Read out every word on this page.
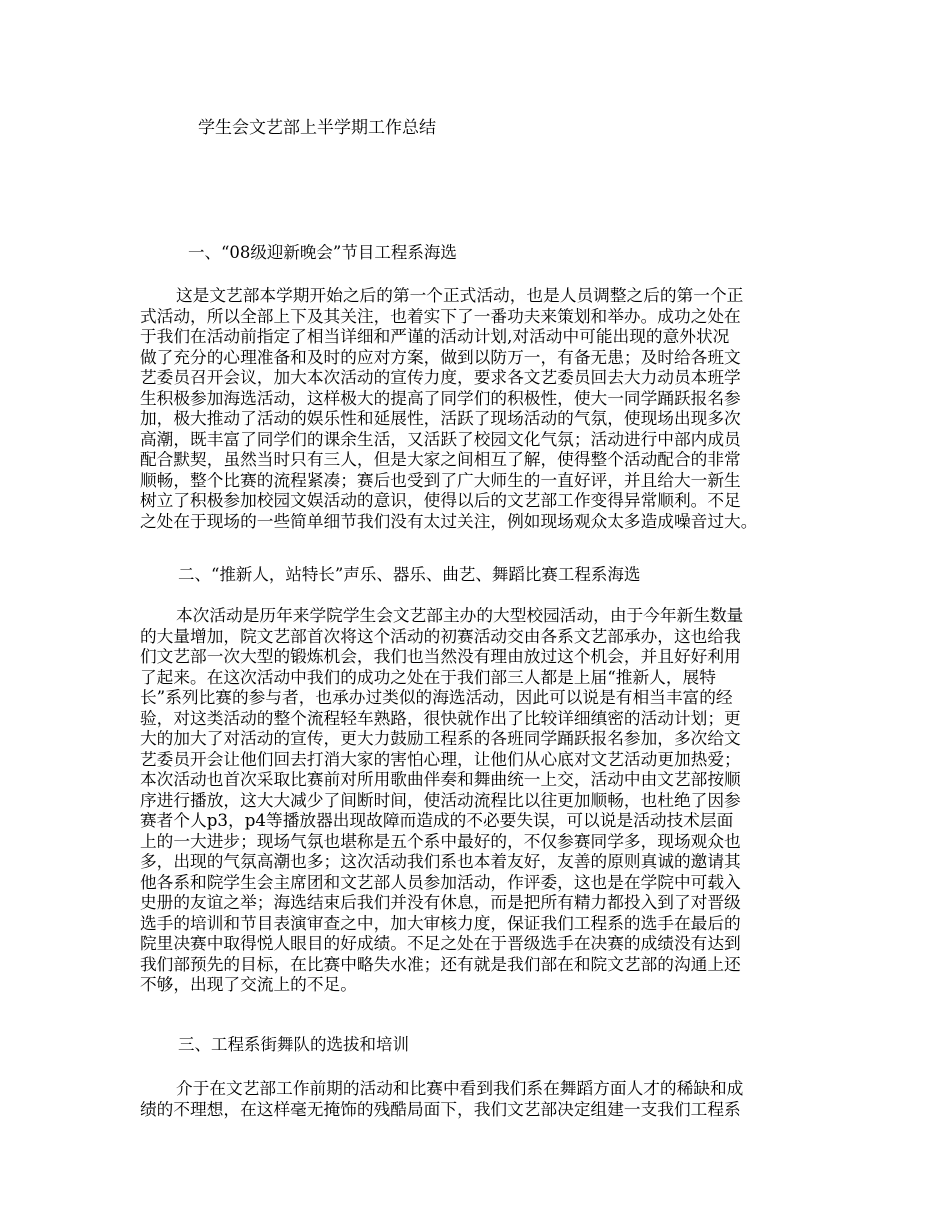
学生会文艺部上半学期工作总结
一、“08级迎新晚会”节目工程系海选
这是文艺部本学期开始之后的第一个正式活动，也是人员调整之后的第一个正
式活动，所以全部上下及其关注，也着实下了一番功夫来策划和举办。成功之处在
于我们在活动前指定了相当详细和严谨的活动计划,对活动中可能出现的意外状况
做了充分的心理准备和及时的应对方案，做到以防万一，有备无患；及时给各班文
艺委员召开会议，加大本次活动的宣传力度，要求各文艺委员回去大力动员本班学
生积极参加海选活动，这样极大的提高了同学们的积极性，使大一同学踊跃报名参
加，极大推动了活动的娱乐性和延展性，活跃了现场活动的气氛，使现场出现多次
高潮，既丰富了同学们的课余生活，又活跃了校园文化气氛；活动进行中部内成员
配合默契，虽然当时只有三人，但是大家之间相互了解，使得整个活动配合的非常
顺畅，整个比赛的流程紧凑；赛后也受到了广大师生的一直好评，并且给大一新生
树立了积极参加校园文娱活动的意识，使得以后的文艺部工作变得异常顺利。不足
之处在于现场的一些简单细节我们没有太过关注，例如现场观众太多造成噪音过大。
二、“推新人，站特长”声乐、器乐、曲艺、舞蹈比赛工程系海选
本次活动是历年来学院学生会文艺部主办的大型校园活动，由于今年新生数量
的大量增加，院文艺部首次将这个活动的初赛活动交由各系文艺部承办，这也给我
们文艺部一次大型的锻炼机会，我们也当然没有理由放过这个机会，并且好好利用
了起来。在这次活动中我们的成功之处在于我们部三人都是上届“推新人，展特
长”系列比赛的参与者，也承办过类似的海选活动，因此可以说是有相当丰富的经
验，对这类活动的整个流程轻车熟路，很快就作出了比较详细缜密的活动计划；更
大的加大了对活动的宣传，更大力鼓励工程系的各班同学踊跃报名参加，多次给文
艺委员开会让他们回去打消大家的害怕心理，让他们从心底对文艺活动更加热爱；
本次活动也首次采取比赛前对所用歌曲伴奏和舞曲统一上交，活动中由文艺部按顺
序进行播放，这大大减少了间断时间，使活动流程比以往更加顺畅，也杜绝了因参
赛者个人p3，p4等播放器出现故障而造成的不必要失误，可以说是活动技术层面
上的一大进步；现场气氛也堪称是五个系中最好的，不仅参赛同学多，现场观众也
多，出现的气氛高潮也多；这次活动我们系也本着友好，友善的原则真诚的邀请其
他各系和院学生会主席团和文艺部人员参加活动，作评委，这也是在学院中可载入
史册的友谊之举；海选结束后我们并没有休息，而是把所有精力都投入到了对晋级
选手的培训和节目表演审查之中，加大审核力度，保证我们工程系的选手在最后的
院里决赛中取得悦人眼目的好成绩。不足之处在于晋级选手在决赛的成绩没有达到
我们部预先的目标，在比赛中略失水准；还有就是我们部在和院文艺部的沟通上还
不够，出现了交流上的不足。
三、工程系街舞队的选拔和培训
介于在文艺部工作前期的活动和比赛中看到我们系在舞蹈方面人才的稀缺和成
绩的不理想，在这样毫无掩饰的残酷局面下，我们文艺部决定组建一支我们工程系
